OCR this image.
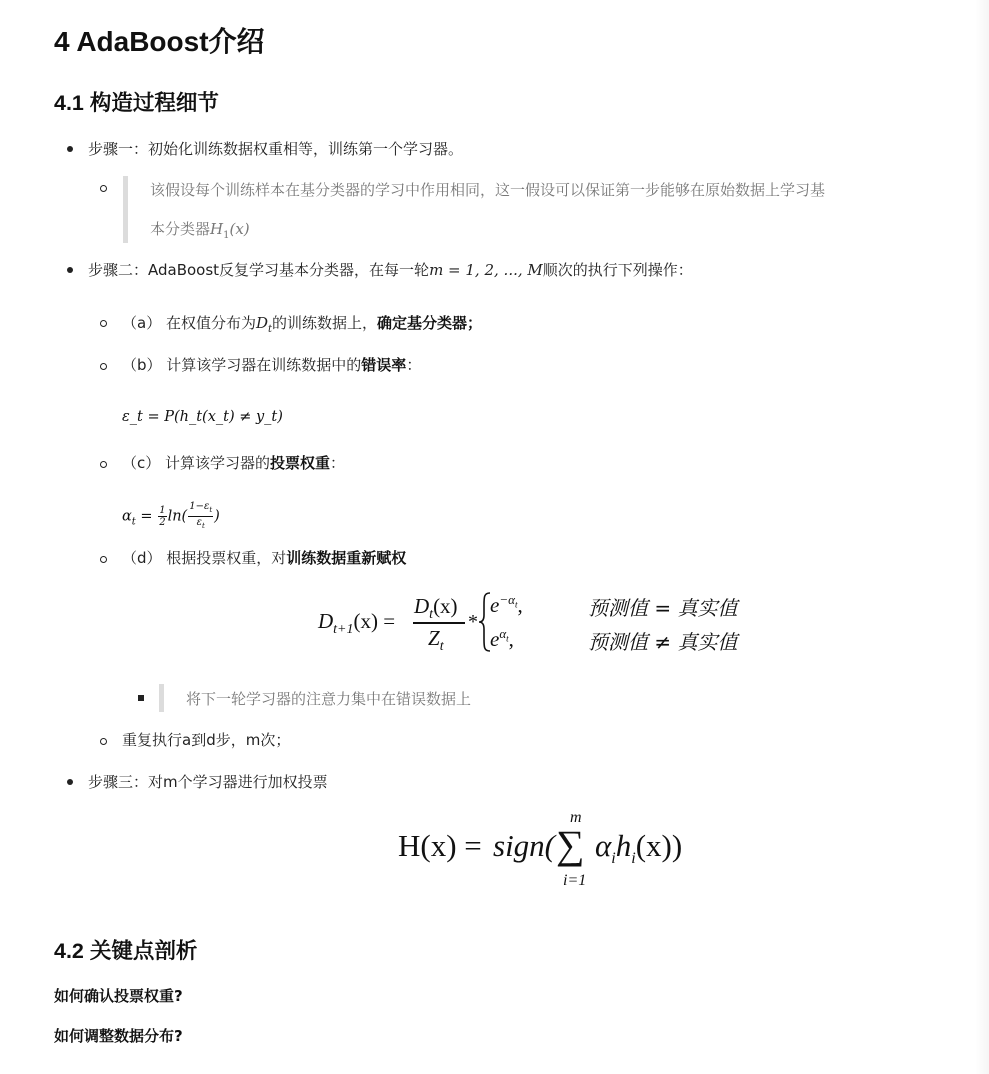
4 AdaBoost介绍
4.1 构造过程细节
步骤一：初始化训练数据权重相等，训练第一个学习器。
该假设每个训练样本在基分类器的学习中作用相同，这一假设可以保证第一步能够在原始数据上学习基
本分类器$H_1(x)$
步骤二：AdaBoost反复学习基本分类器，在每一轮m = 1, 2, ..., M顺次的执行下列操作：
（a） 在权值分布为$D_t$的训练数据上，确定基分类器；
（b） 计算该学习器在训练数据中的错误率：
ε_t = P(h_t(x_t) ≠ y_t)
（c） 计算该学习器的投票权重：
$\alpha_t = \frac{1}{2} \ln( \frac{1-\varepsilon_t}{\varepsilon_t}$ )
（d） 根据投票权重，对训练数据重新赋权
$D_{t+1}(x)$ =
$D_t(x)$
$Z_t$
*
$e^{-\alpha_t}$,
$e^{\alpha_t}$,
预测值 = 真实值
预测值 ≠ 真实值
将下一轮学习器的注意力集中在错误数据上
重复执行a到d步，m次；
步骤三：对m个学习器进行加权投票
H(x) = sign(
m
∑
i=1
$\alpha_ih_i(x)$)
4.2 关键点剖析
如何确认投票权重?
如何调整数据分布?
